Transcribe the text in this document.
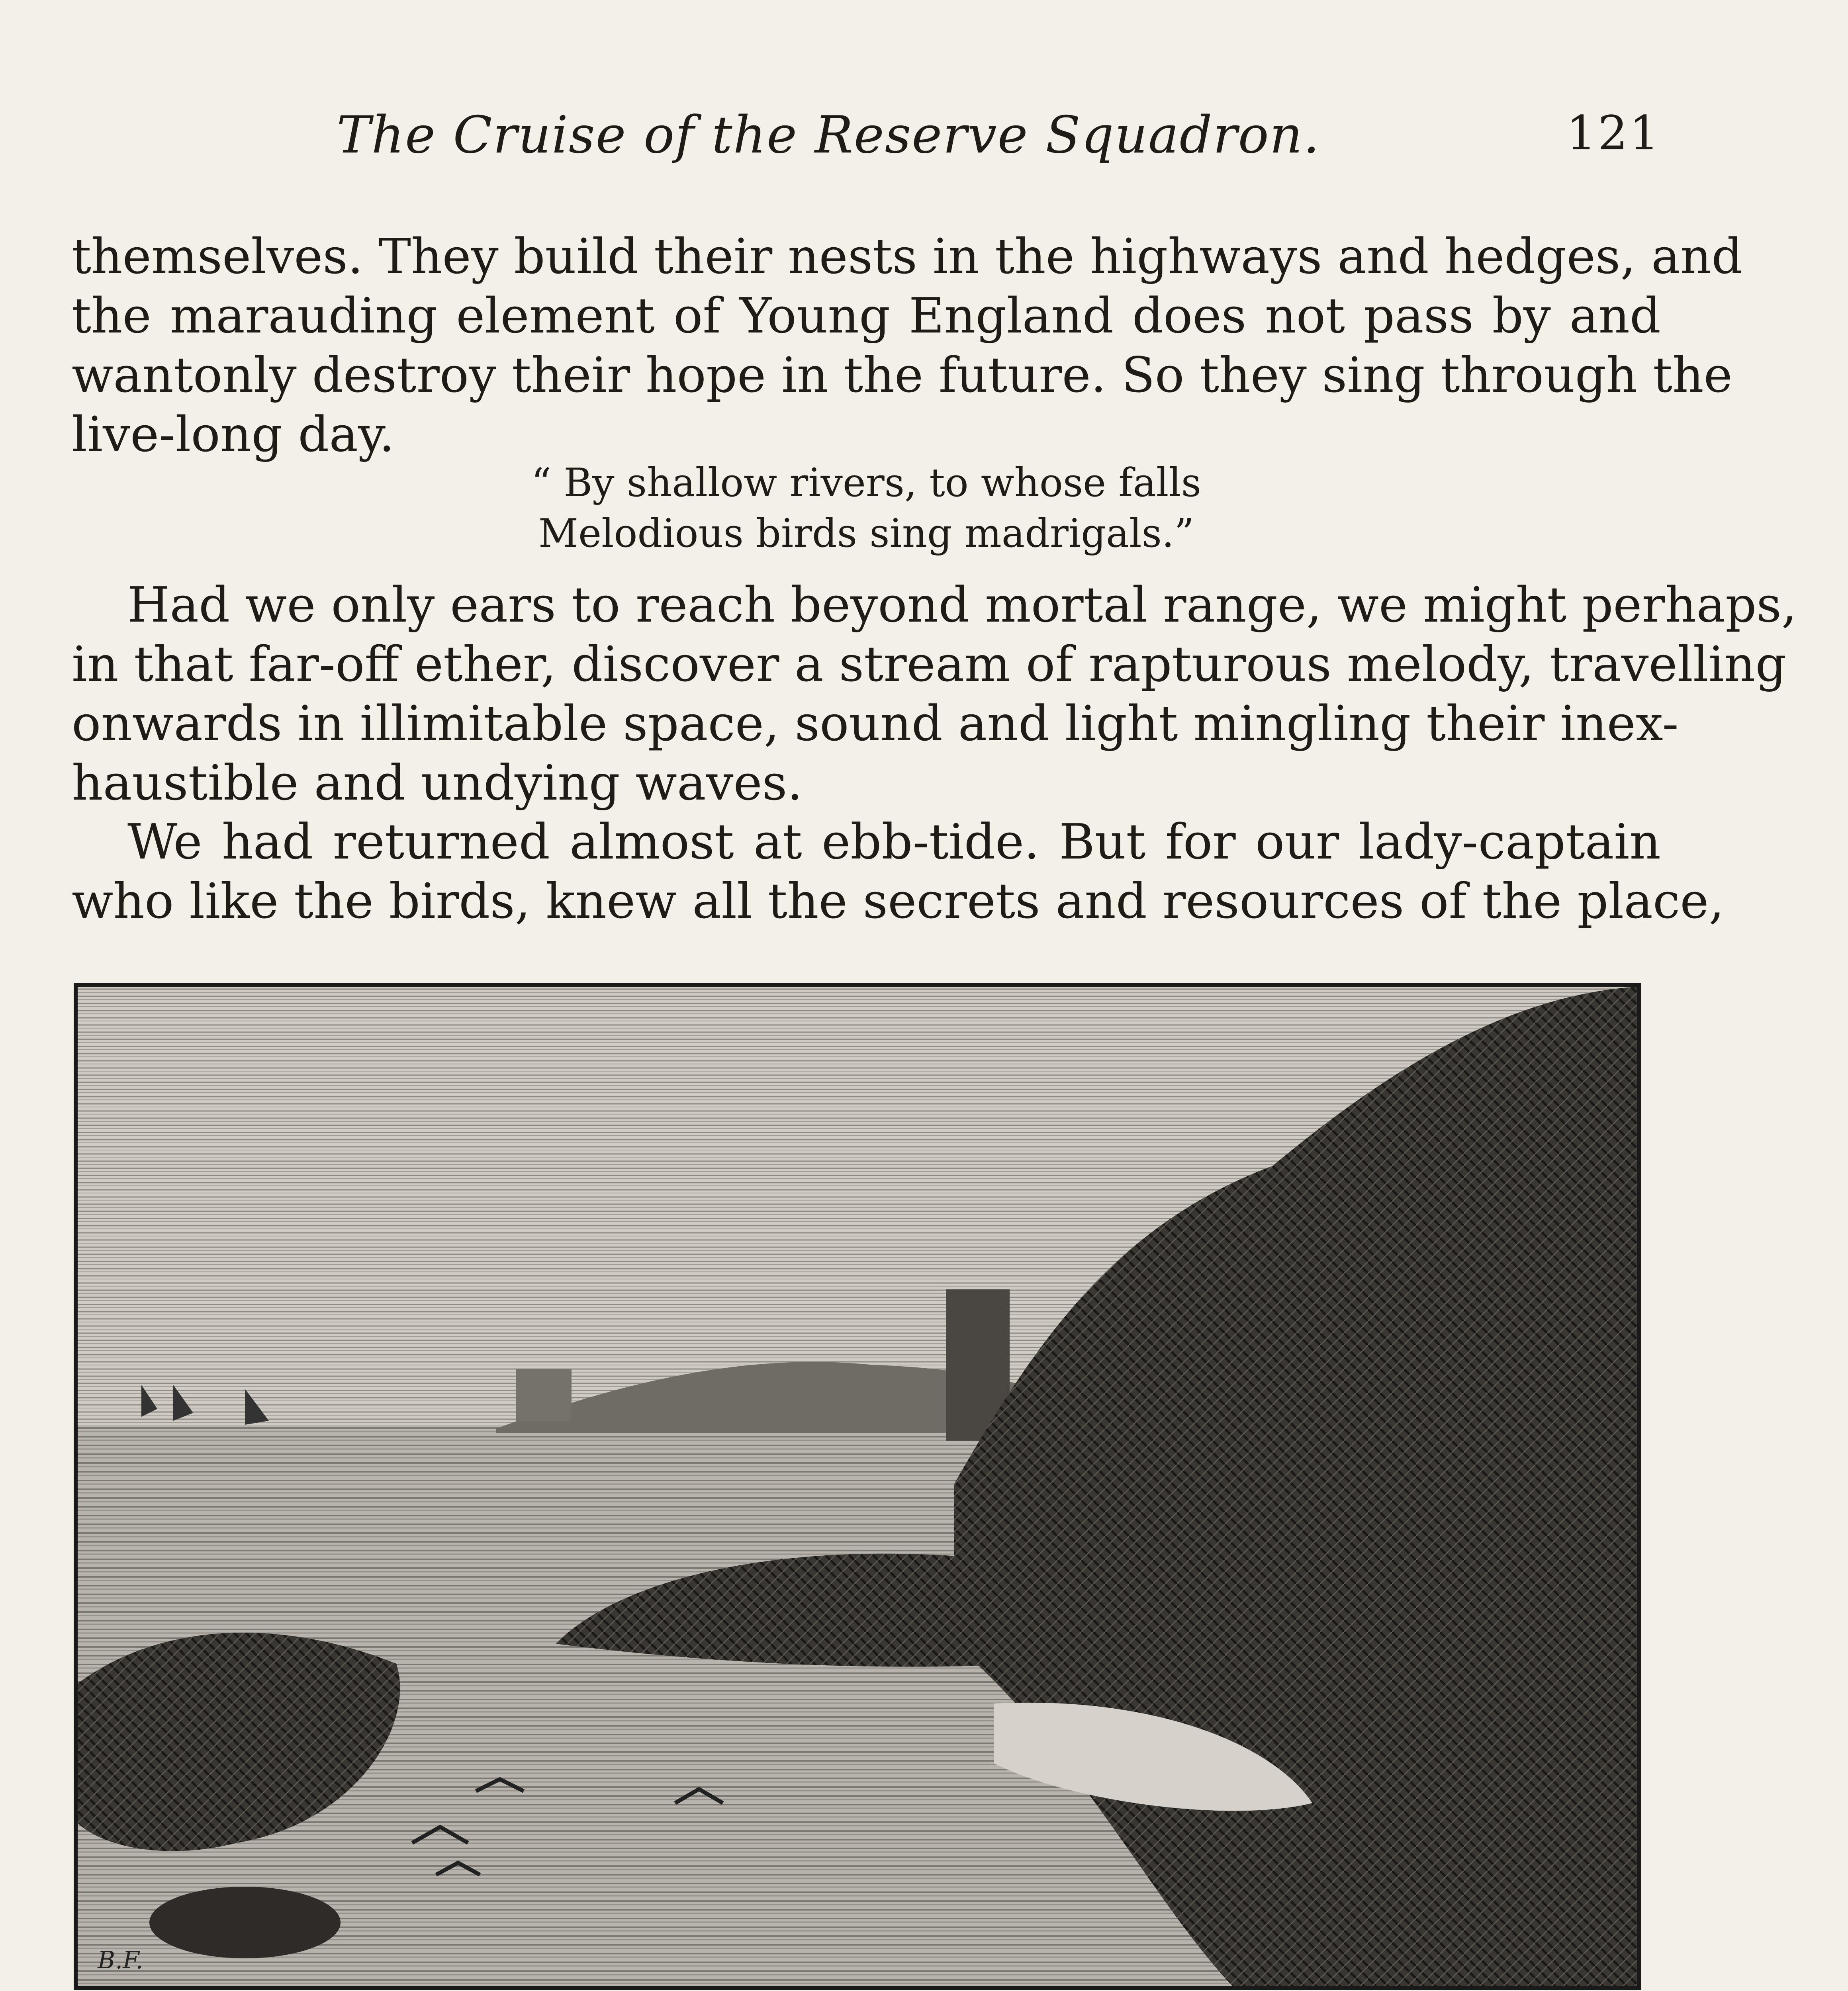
The Cruise of the Reserve Squadron.	121
themselves. They build their nests in the highways and hedges, and
the marauding element of Young England does not pass by and
wantonly destroy their hope in the future. So they sing through the
live-long day.
“ By shallow rivers, to whose falls
Melodious birds sing madrigals.”
Had we only ears to reach beyond mortal range, we might perhaps,
in that far-off ether, discover a stream of rapturous melody, travelling
onwards in illimitable space, sound and light mingling their inex-
haustible and undying waves.
We had returned almost at ebb-tide. But for our lady-captain
who like the birds, knew all the secrets and resources of the place,
B.F.
